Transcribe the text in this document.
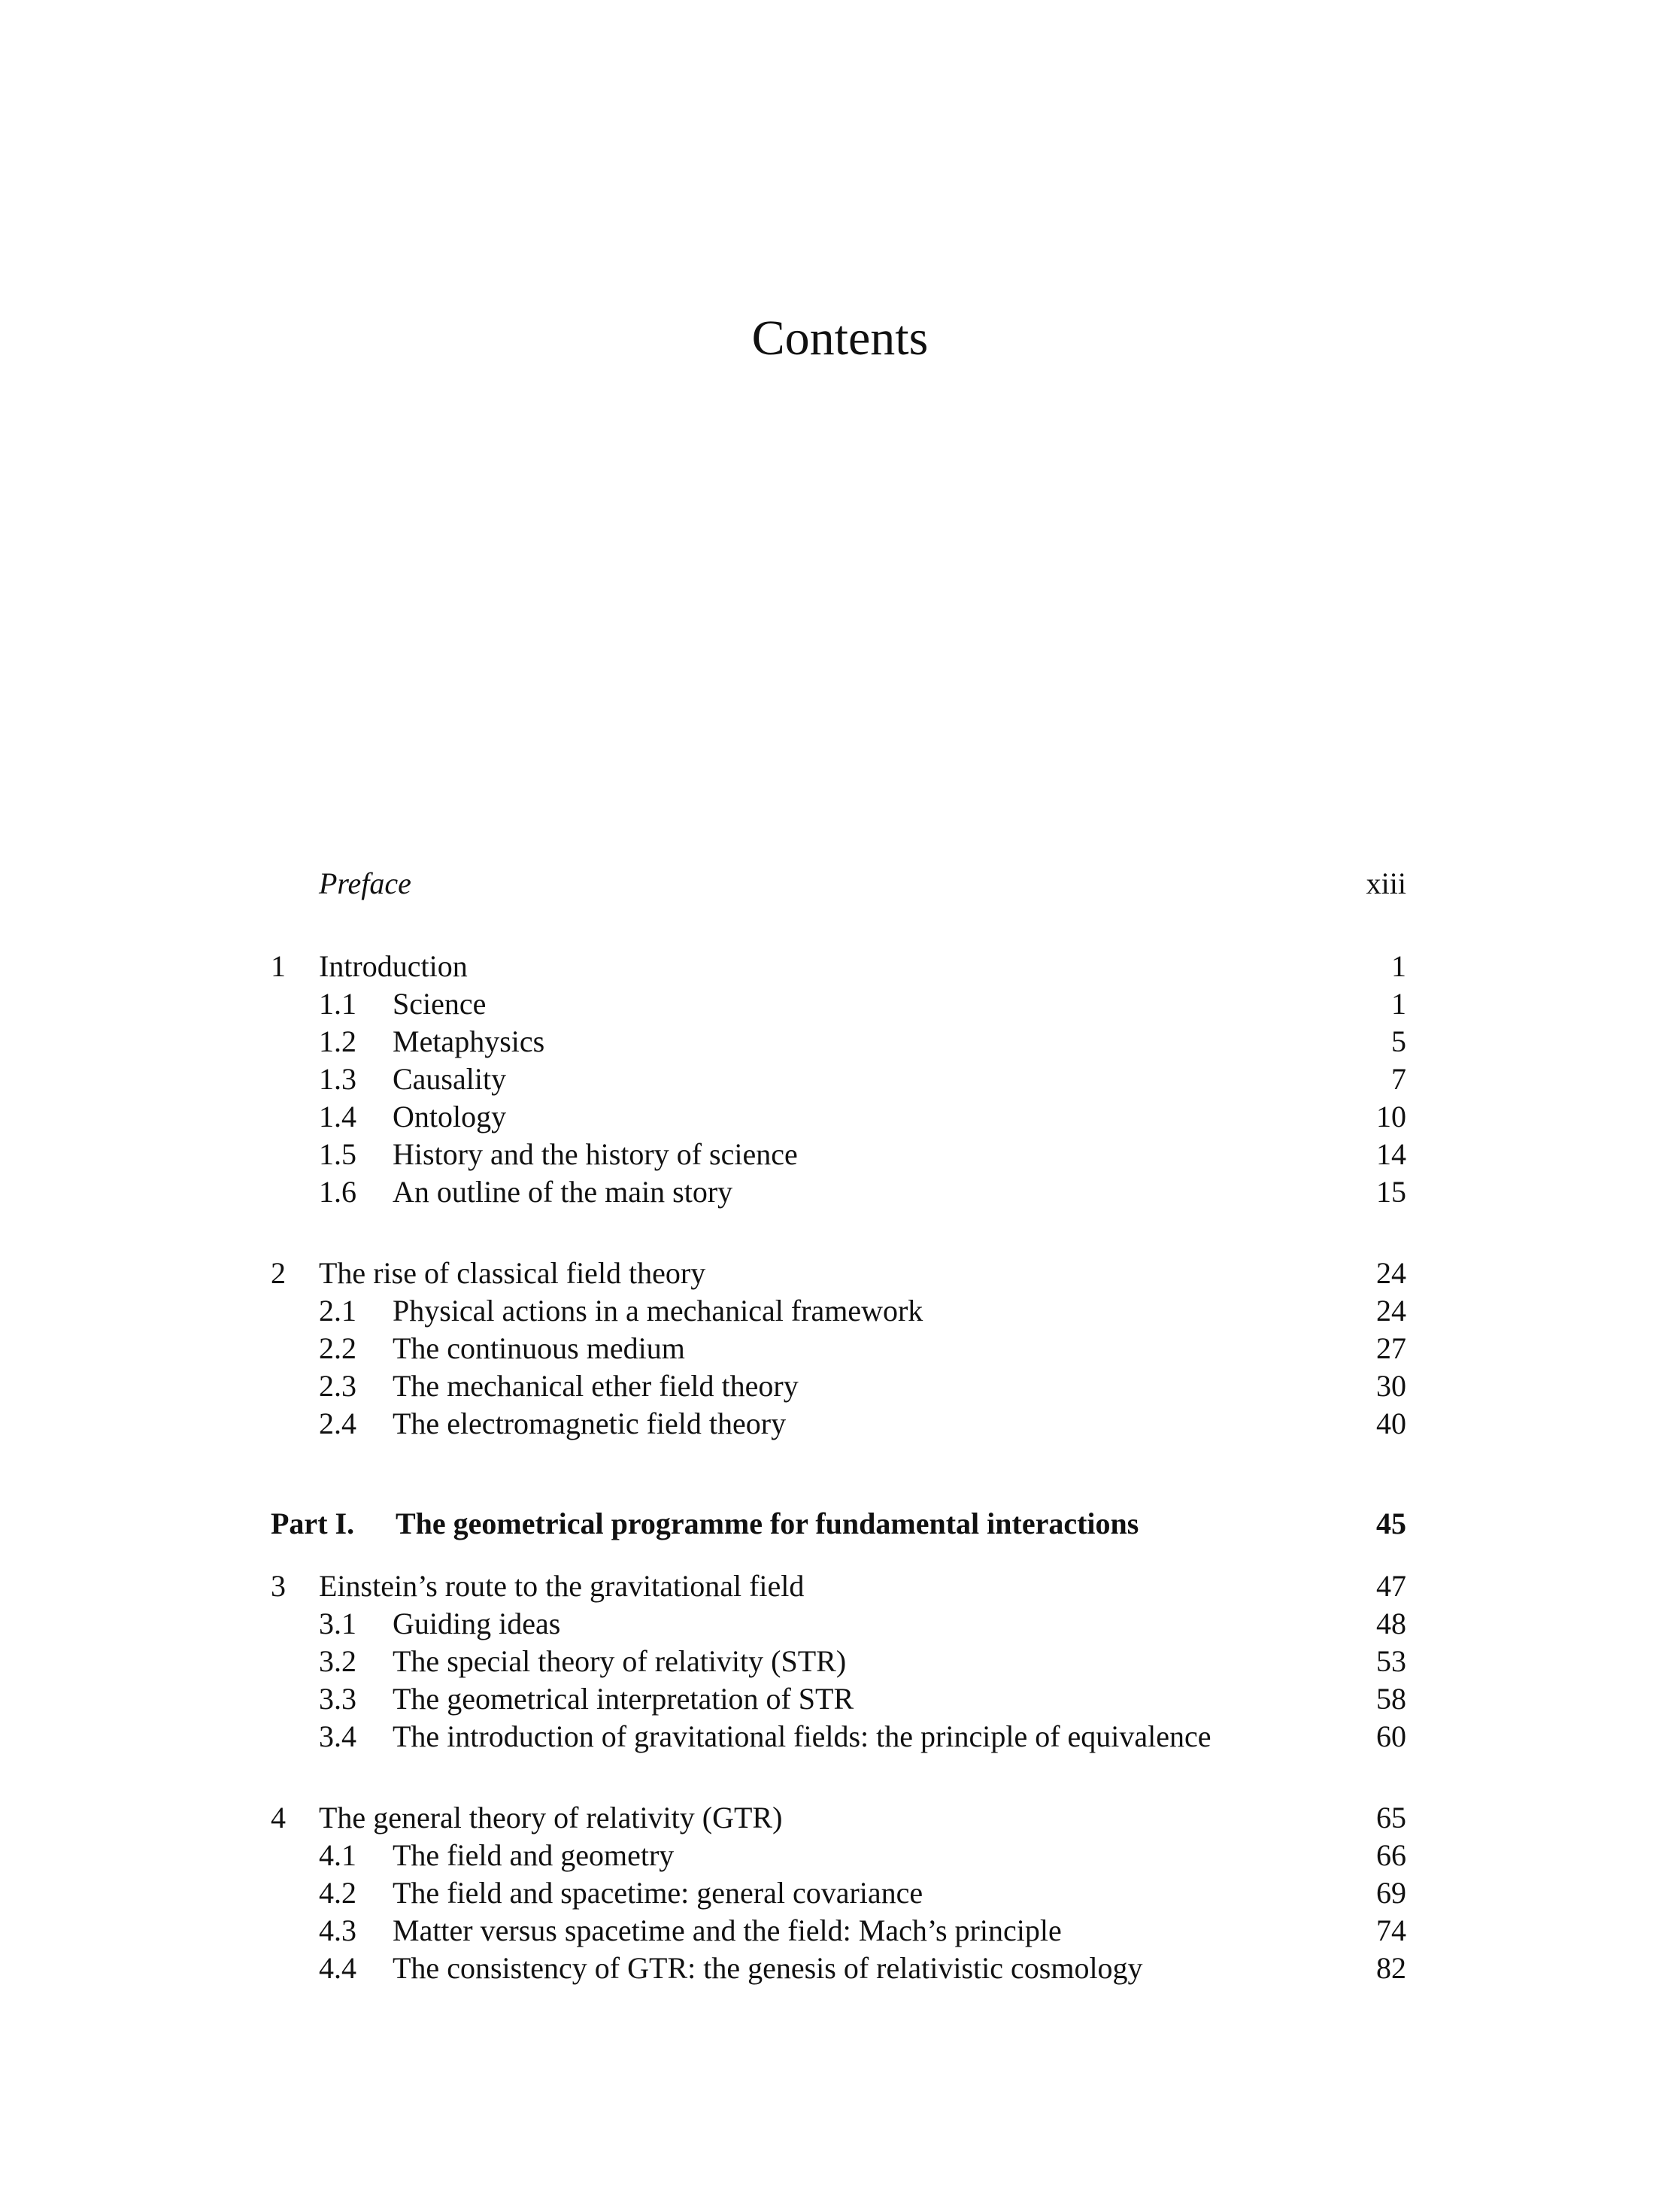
Contents
Preface	xiii
1 Introduction	1
1.1 Science	1
1.2 Metaphysics	5
1.3 Causality	7
1.4 Ontology	10
1.5 History and the history of science	14
1.6 An outline of the main story	15
2 The rise of classical field theory	24
2.1 Physical actions in a mechanical framework	24
2.2 The continuous medium	27
2.3 The mechanical ether field theory	30
2.4 The electromagnetic field theory	40
Part I. The geometrical programme for fundamental interactions	45
3 Einstein’s route to the gravitational field	47
3.1 Guiding ideas	48
3.2 The special theory of relativity (STR)	53
3.3 The geometrical interpretation of STR	58
3.4 The introduction of gravitational fields: the principle of equivalence	60
4 The general theory of relativity (GTR)	65
4.1 The field and geometry	66
4.2 The field and spacetime: general covariance	69
4.3 Matter versus spacetime and the field: Mach’s principle	74
4.4 The consistency of GTR: the genesis of relativistic cosmology	82
